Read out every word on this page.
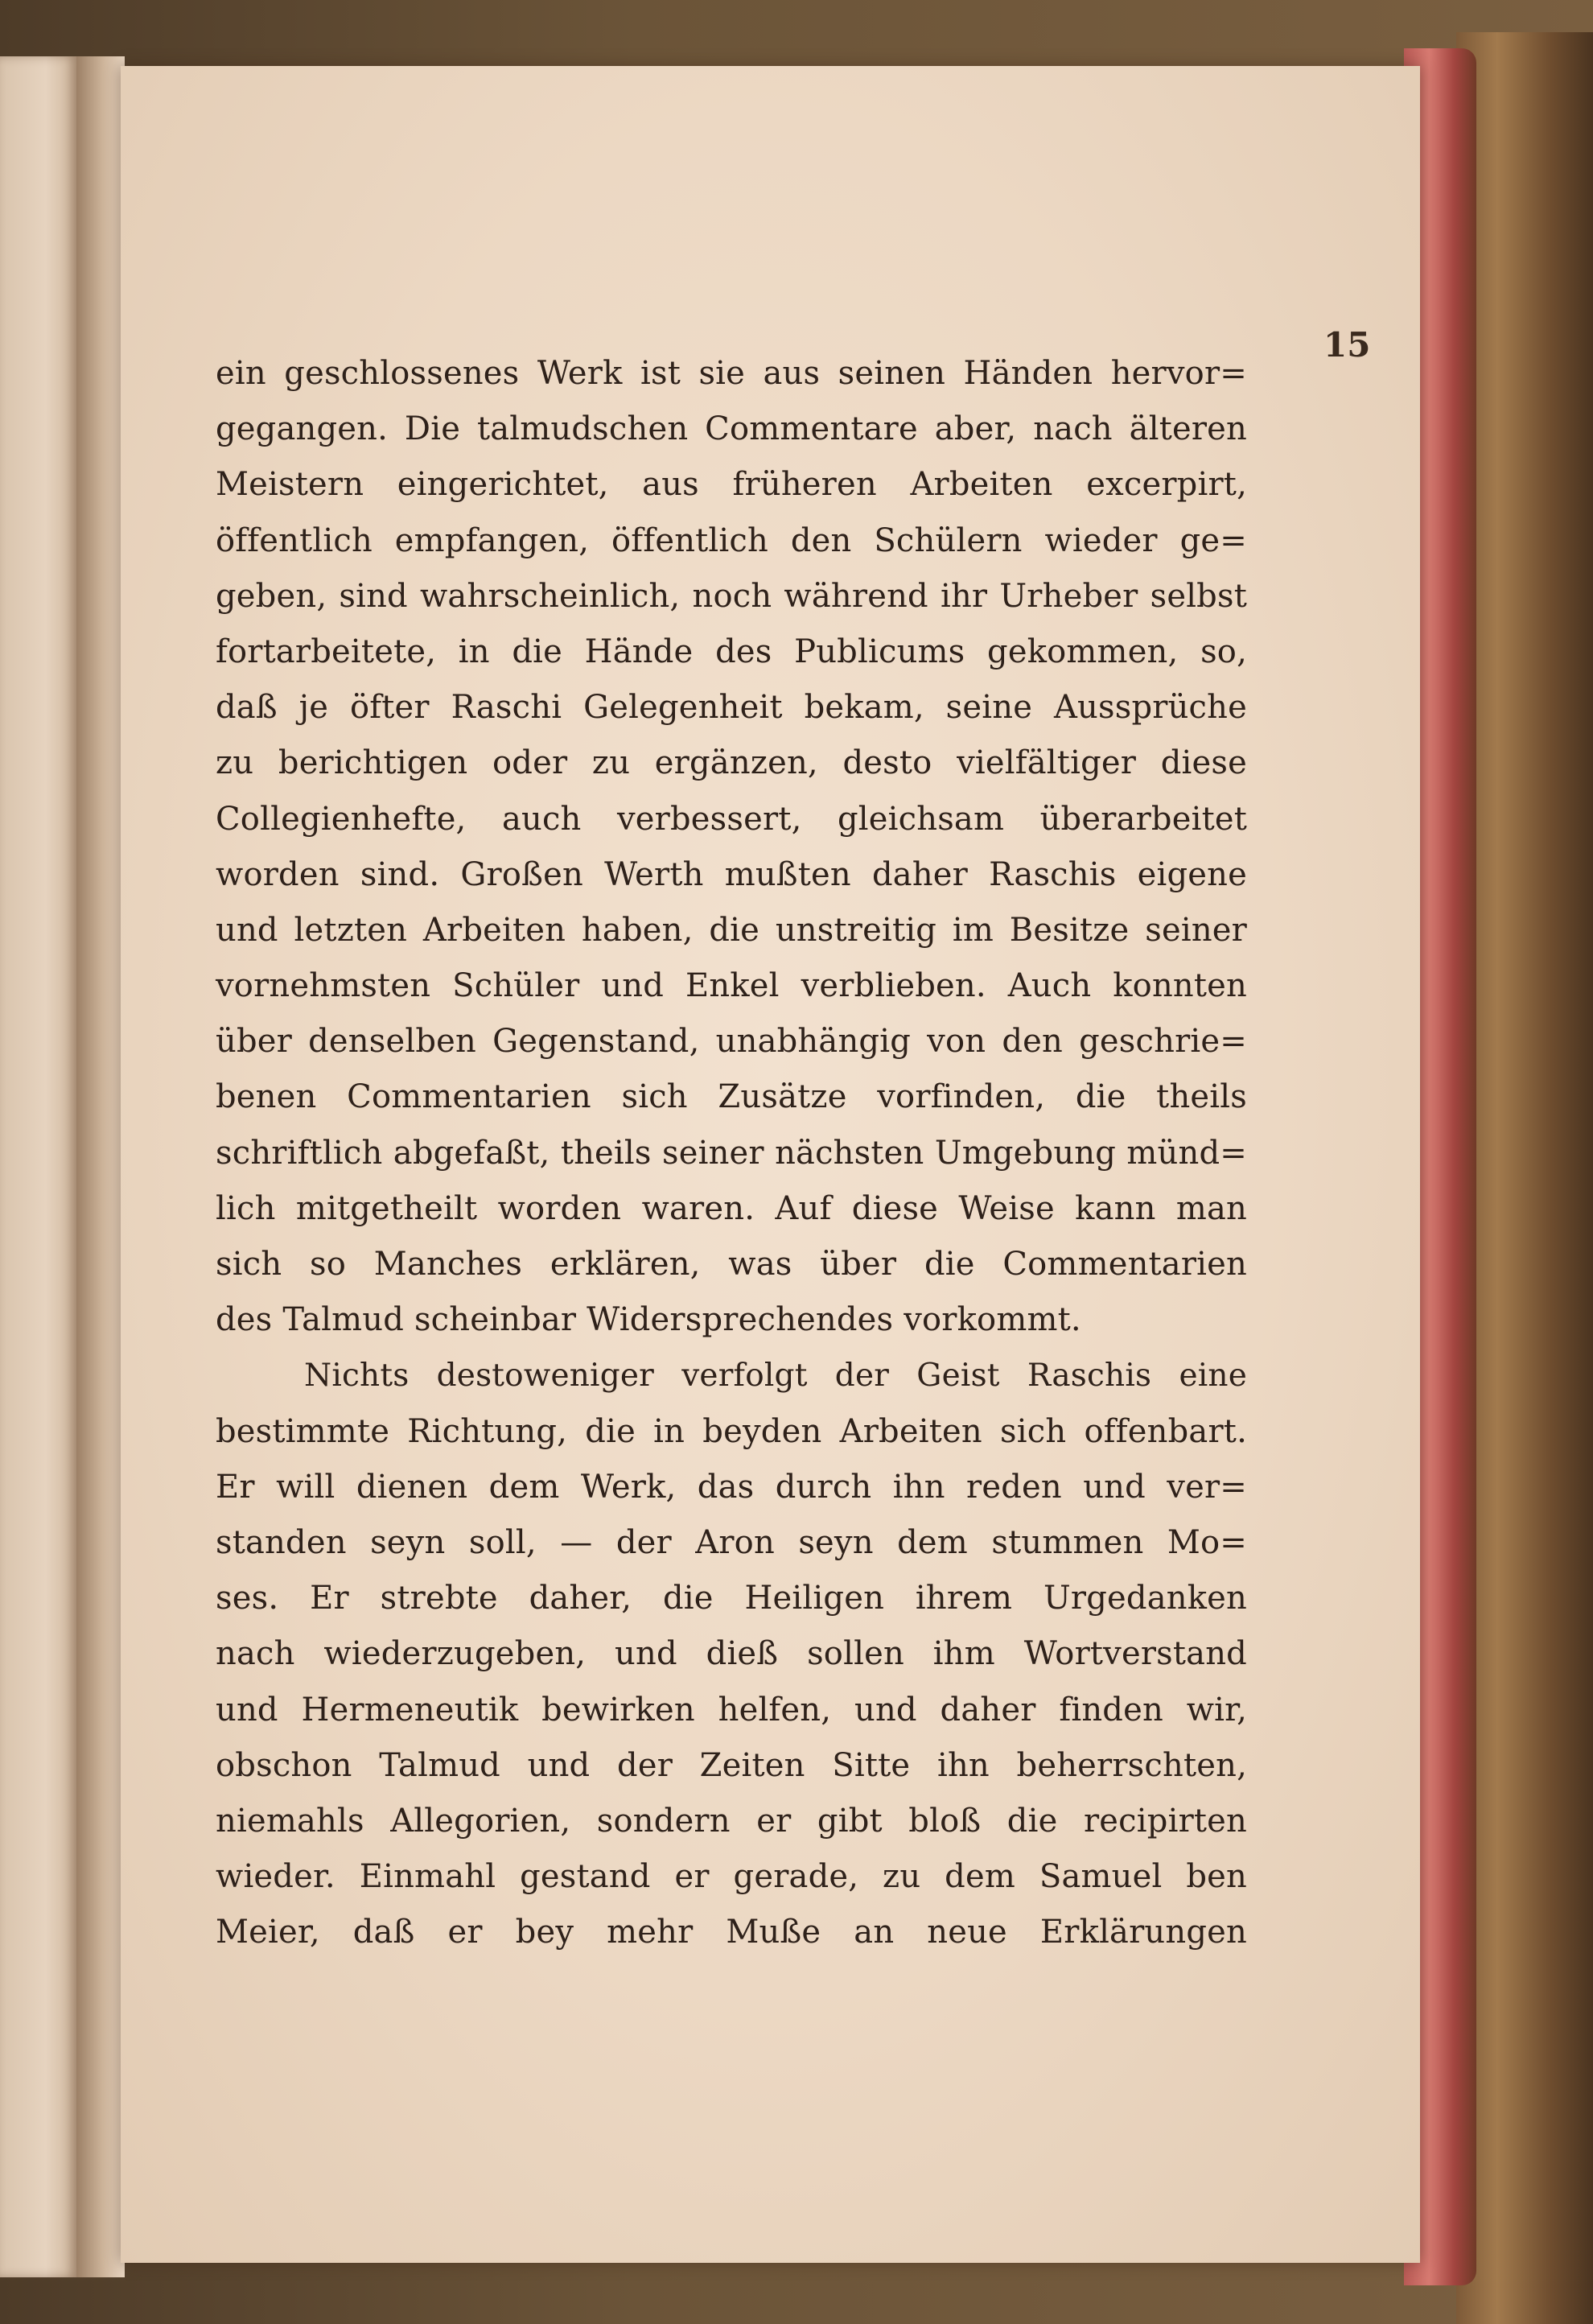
15

ein geschlossenes Werk ist sie aus seinen Händen hervor=
gegangen. Die talmudschen Commentare aber, nach älteren
Meistern eingerichtet, aus früheren Arbeiten excerpirt,
öffentlich empfangen, öffentlich den Schülern wieder ge=
geben, sind wahrscheinlich, noch während ihr Urheber selbst
fortarbeitete, in die Hände des Publicums gekommen, so,
daß je öfter Raschi Gelegenheit bekam, seine Aussprüche
zu berichtigen oder zu ergänzen, desto vielfältiger diese
Collegienhefte, auch verbessert, gleichsam überarbeitet
worden sind. Großen Werth mußten daher Raschis eigene
und letzten Arbeiten haben, die unstreitig im Besitze seiner
vornehmsten Schüler und Enkel verblieben. Auch konnten
über denselben Gegenstand, unabhängig von den geschrie=
benen Commentarien sich Zusätze vorfinden, die theils
schriftlich abgefaßt, theils seiner nächsten Umgebung münd=
lich mitgetheilt worden waren. Auf diese Weise kann man
sich so Manches erklären, was über die Commentarien
des Talmud scheinbar Widersprechendes vorkommt.
Nichts destoweniger verfolgt der Geist Raschis eine
bestimmte Richtung, die in beyden Arbeiten sich offenbart.
Er will dienen dem Werk, das durch ihn reden und ver=
standen seyn soll, — der Aron seyn dem stummen Mo=
ses. Er strebte daher, die Heiligen ihrem Urgedanken
nach wiederzugeben, und dieß sollen ihm Wortverstand
und Hermeneutik bewirken helfen, und daher finden wir,
obschon Talmud und der Zeiten Sitte ihn beherrschten,
niemahls Allegorien, sondern er gibt bloß die recipirten
wieder. Einmahl gestand er gerade, zu dem Samuel ben
Meier, daß er bey mehr Muße an neue Erklärungen
